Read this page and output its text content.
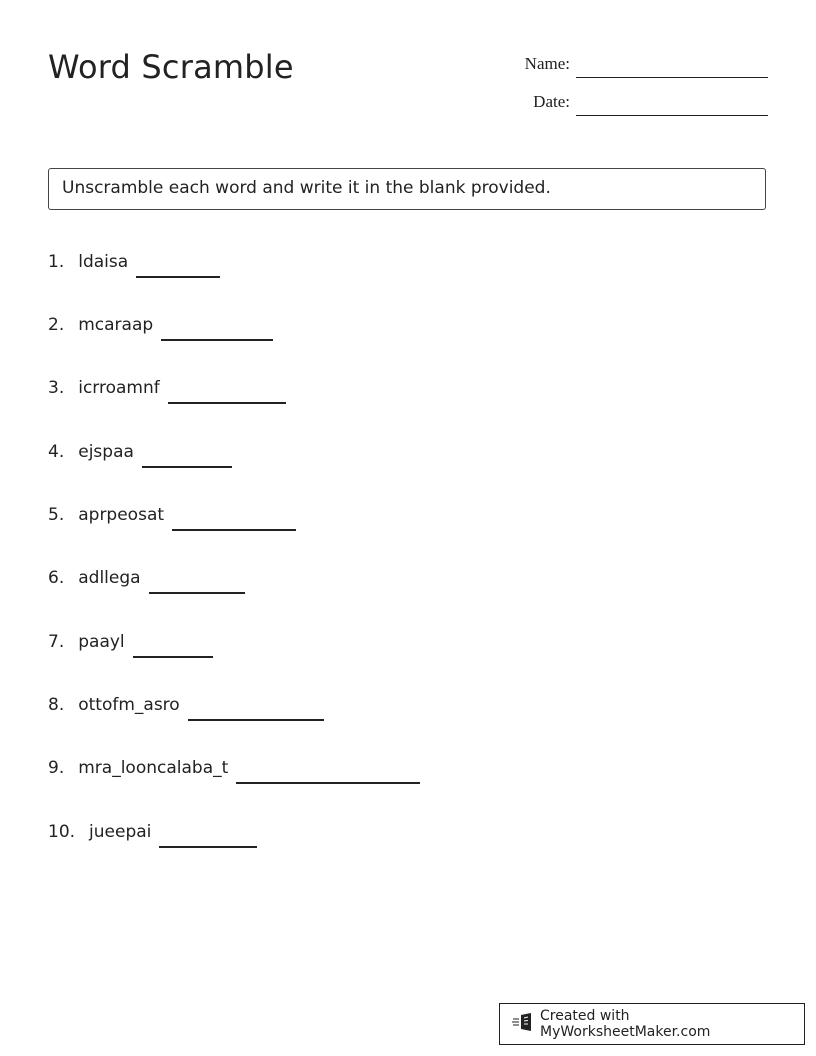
Word Scramble	Name:
Date:
Unscramble each word and write it in the blank provided.
1. ldaisa
2. mcaraap
3. icrroamnf
4. ejspaa
5. aprpeosat
6. adllega
7. paayl
8. ottofm_asro
9. mra_looncalaba_t
10. jueepai
Created with MyWorksheetMaker.com
